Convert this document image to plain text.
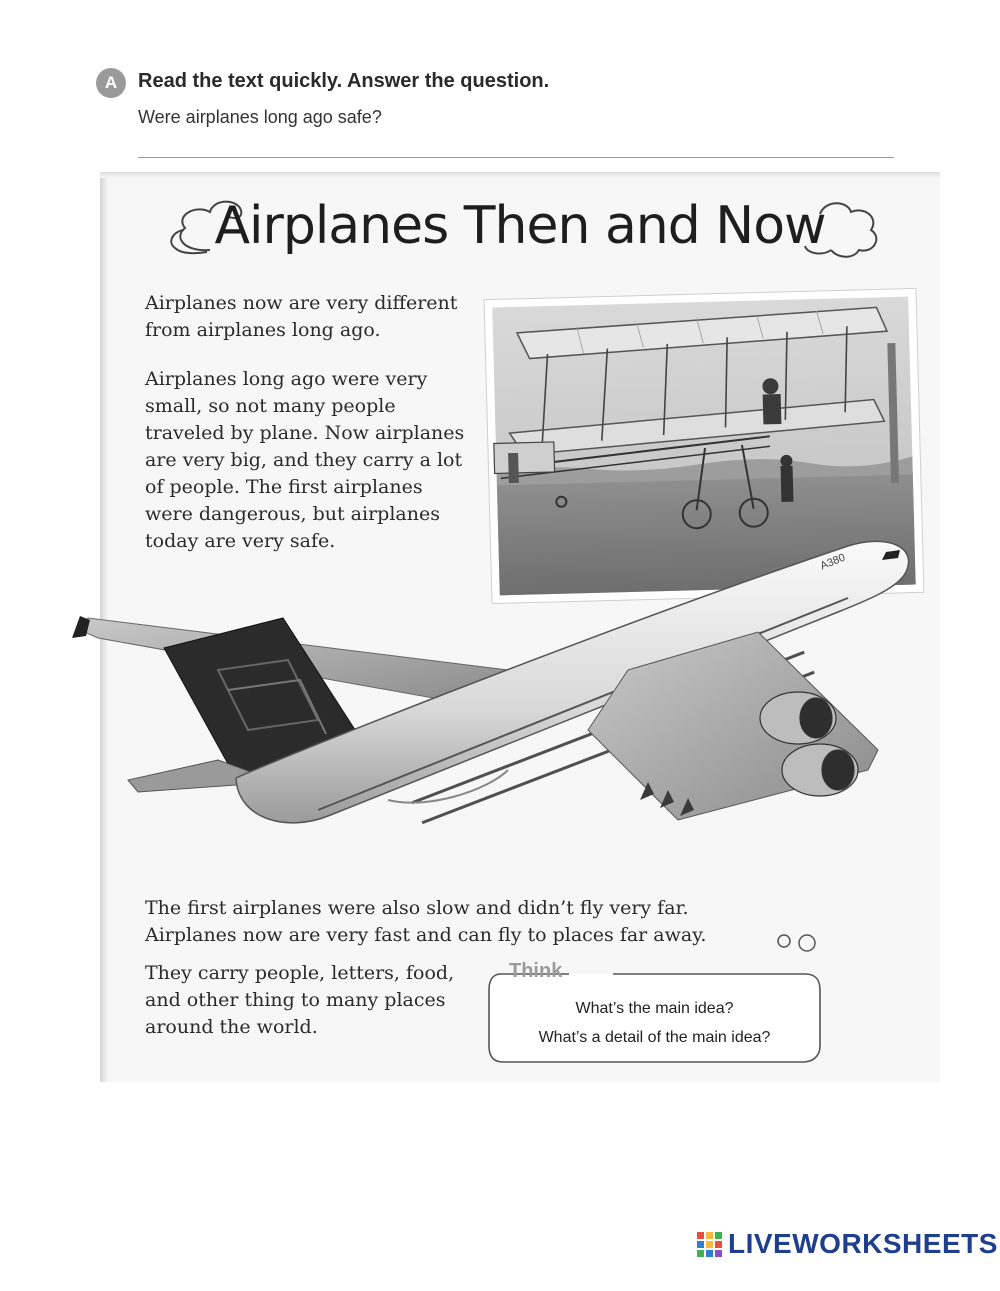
A	Read the text quickly. Answer the question.
Were airplanes long ago safe?
Airplanes Then and Now
Airplanes now are very different from airplanes long ago.
Airplanes long ago were very small, so not many people traveled by plane. Now airplanes are very big, and they carry a lot of people. The first airplanes were dangerous, but airplanes today are very safe.
A380
The first airplanes were also slow and didn’t fly very far. Airplanes now are very fast and can fly to places far away.
They carry people, letters, food, and other thing to many places around the world.
Think
What’s the main idea?
What’s a detail of the main idea?
LIVEWORKSHEETS
